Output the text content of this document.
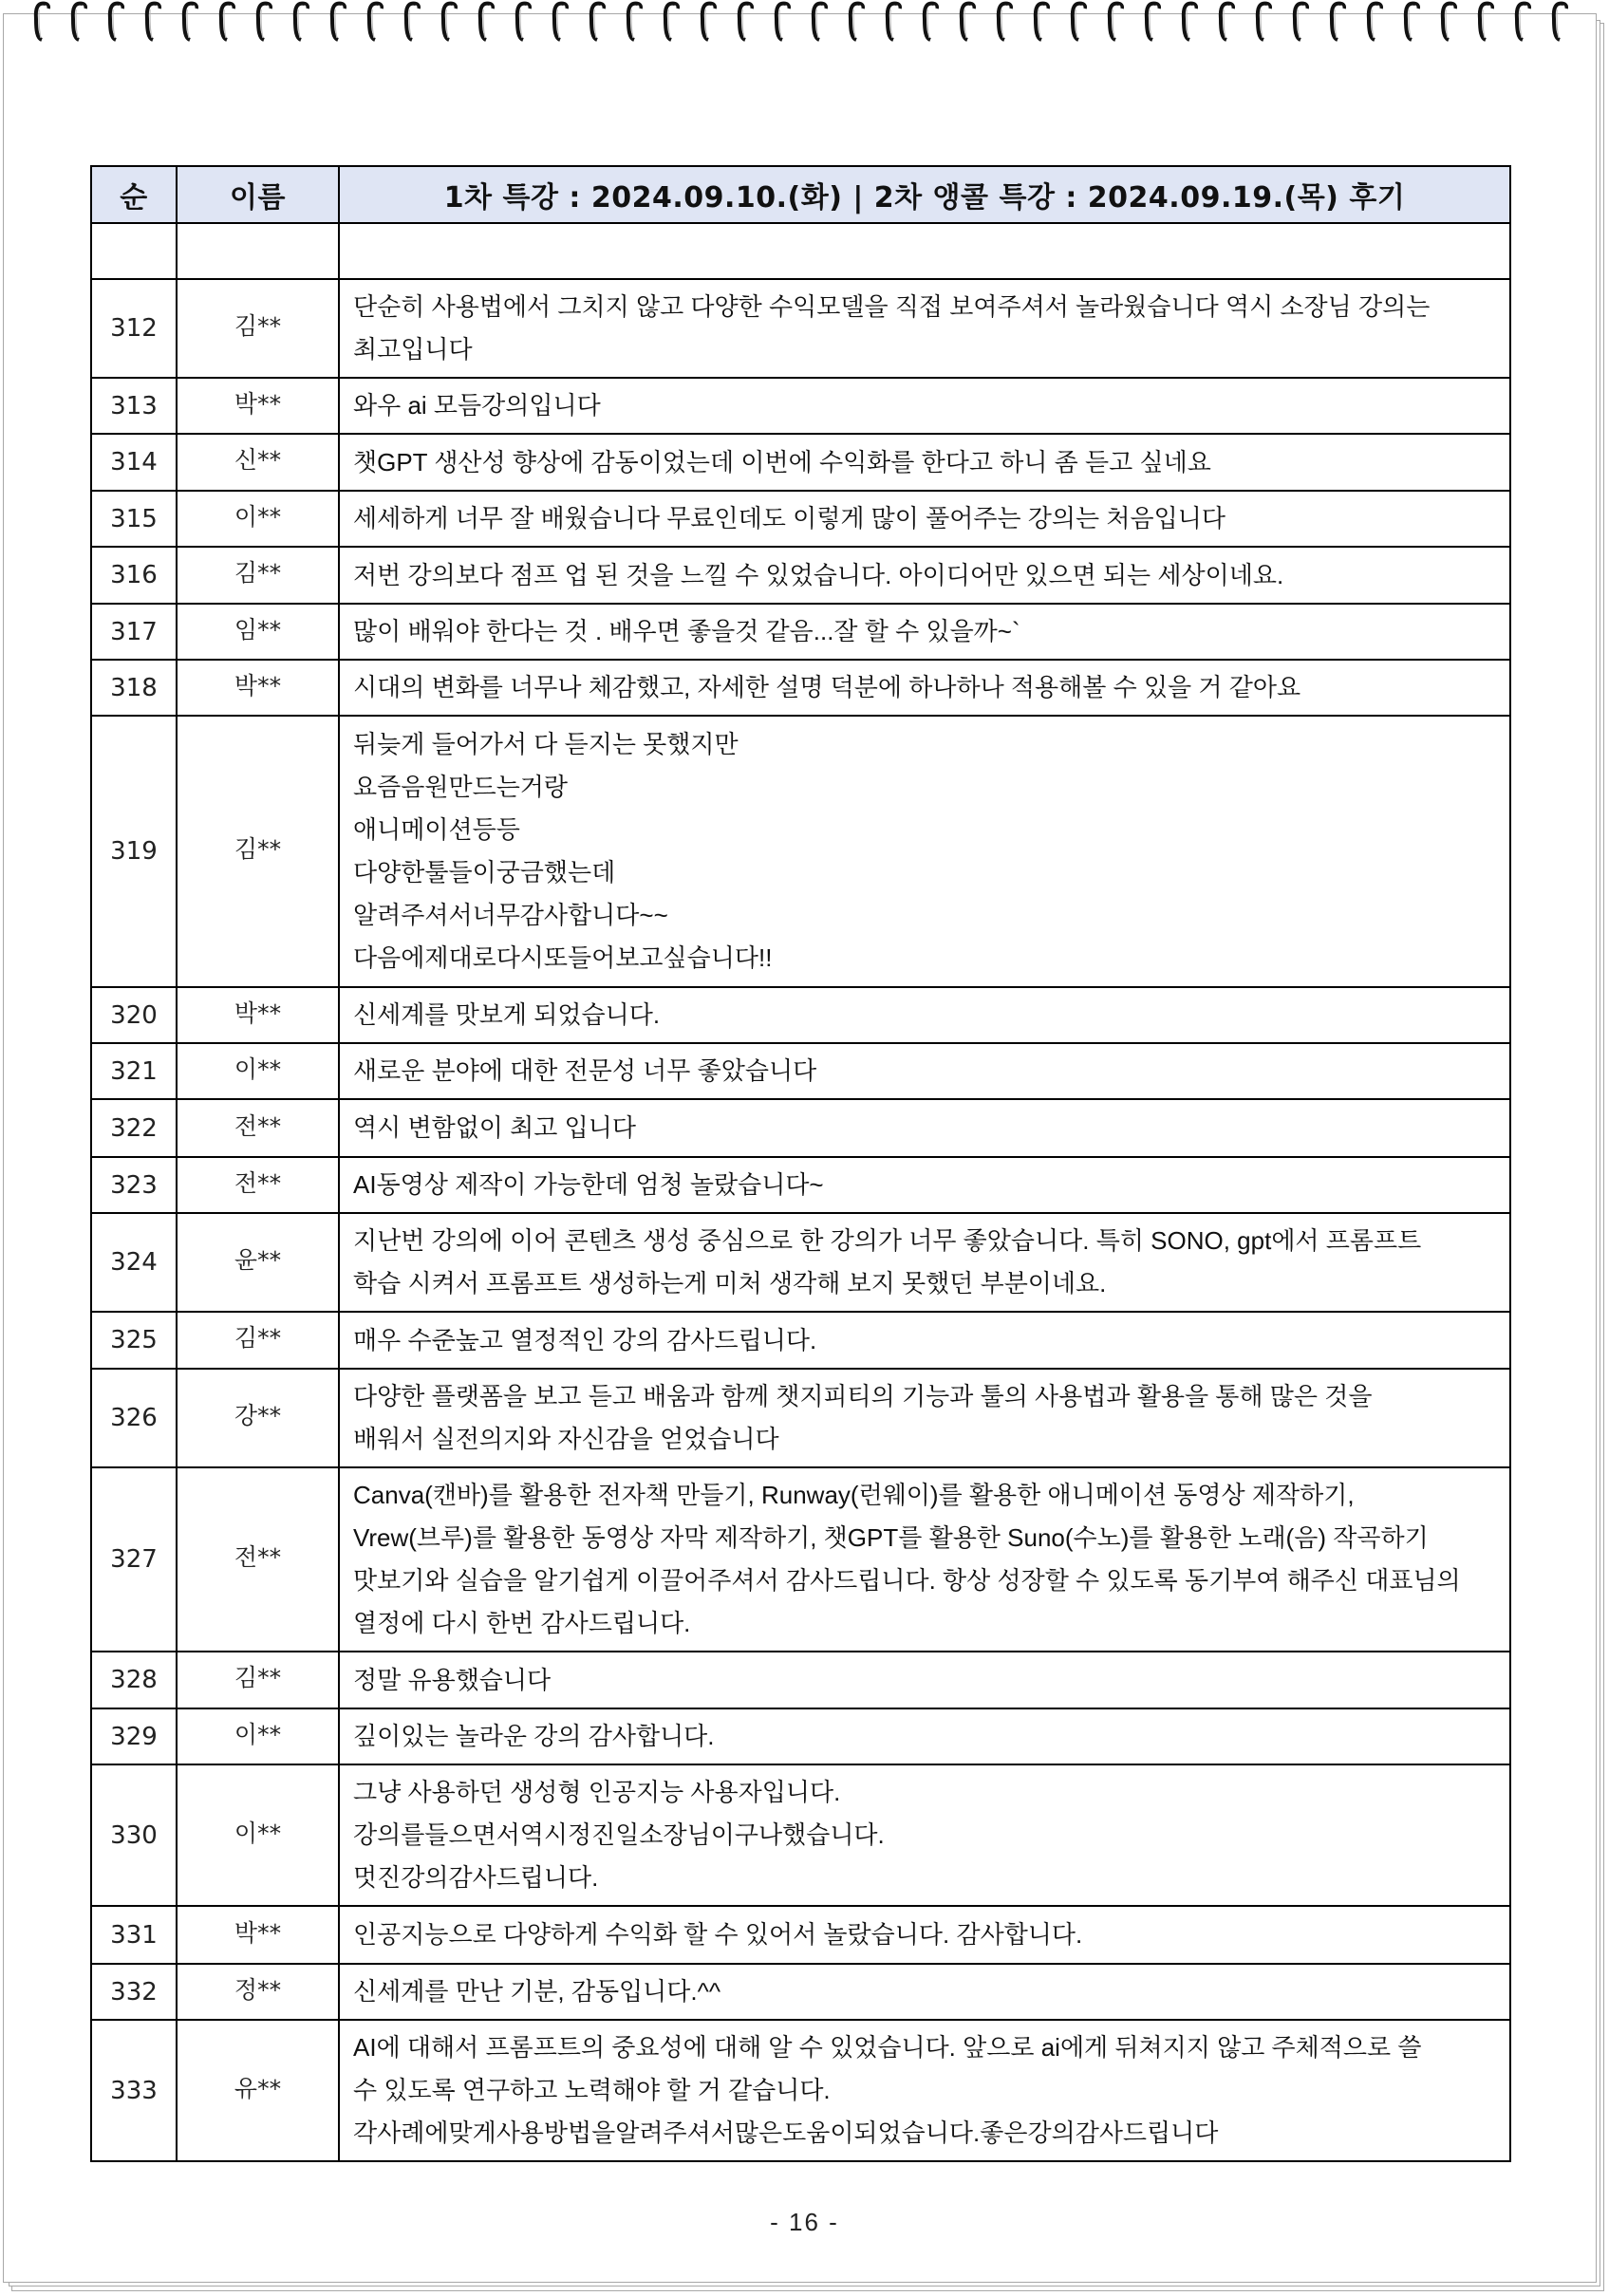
순	이름	1차 특강 : 2024.09.10.(화) | 2차 앵콜 특강 : 2024.09.19.(목) 후기

312	김**	단순히 사용법에서 그치지 않고 다양한 수익모델을 직접 보여주셔서 놀라웠습니다 역시 소장님 강의는
최고입니다

313	박**	와우 ai 모듬강의입니다

314	신**	챗GPT 생산성 향상에 감동이었는데 이번에 수익화를 한다고 하니 좀 듣고 싶네요

315	이**	세세하게 너무 잘 배웠습니다 무료인데도 이렇게 많이 풀어주는 강의는 처음입니다

316	김**	저번 강의보다 점프 업 된 것을 느낄 수 있었습니다. 아이디어만 있으면 되는 세상이네요.

317	임**	많이 배워야 한다는 것 . 배우면 좋을것 같음...잘 할 수 있을까~`

318	박**	시대의 변화를 너무나 체감했고, 자세한 설명 덕분에 하나하나 적용해볼 수 있을 거 같아요

319	김**	
뒤늦게 들어가서 다 듣지는 못했지만
요즘음원만드는거랑
애니메이션등등
다양한툴들이궁금했는데
알려주셔서너무감사합니다~~
다음에제대로다시또들어보고싶습니다!!

320	박**	신세계를 맛보게 되었습니다.

321	이**	새로운 분야에 대한 전문성 너무 좋았습니다

322	전**	역시 변함없이 최고 입니다

323	전**	AI동영상 제작이 가능한데 엄청 놀랐습니다~

324	윤**	지난번 강의에 이어 콘텐츠 생성 중심으로 한 강의가 너무 좋았습니다. 특히 SONO, gpt에서 프롬프트
학습 시켜서 프롬프트 생성하는게 미처 생각해 보지 못했던 부분이네요.

325	김**	매우 수준높고 열정적인 강의 감사드립니다.

326	강**	다양한 플랫폼을 보고 듣고 배움과 함께 챗지피티의 기능과 툴의 사용법과 활용을 통해 많은 것을
배워서 실전의지와 자신감을 얻었습니다

327	전**	Canva(캔바)를 활용한 전자책 만들기, Runway(런웨이)를 활용한 애니메이션 동영상 제작하기,
Vrew(브루)를 활용한 동영상 자막 제작하기, 챗GPT를 활용한 Suno(수노)를 활용한 노래(음) 작곡하기
맛보기와 실습을 알기쉽게 이끌어주셔서 감사드립니다. 항상 성장할 수 있도록 동기부여 해주신 대표님의
열정에 다시 한번 감사드립니다.

328	김**	정말 유용했습니다

329	이**	깊이있는 놀라운 강의 감사합니다.

330	이**	그냥 사용하던 생성형 인공지능 사용자입니다.
강의를들으면서역시정진일소장님이구나했습니다.
멋진강의감사드립니다.

331	박**	인공지능으로 다양하게 수익화 할 수 있어서 놀랐습니다. 감사합니다.

332	정**	신세계를 만난 기분, 감동입니다.^^

333	유**	AI에 대해서 프롬프트의 중요성에 대해 알 수 있었습니다. 앞으로 ai에게 뒤쳐지지 않고 주체적으로 쓸
수 있도록 연구하고 노력해야 할 거 같습니다.
각사례에맞게사용방법을알려주셔서많은도움이되었습니다.좋은강의감사드립니다
- 16 -
